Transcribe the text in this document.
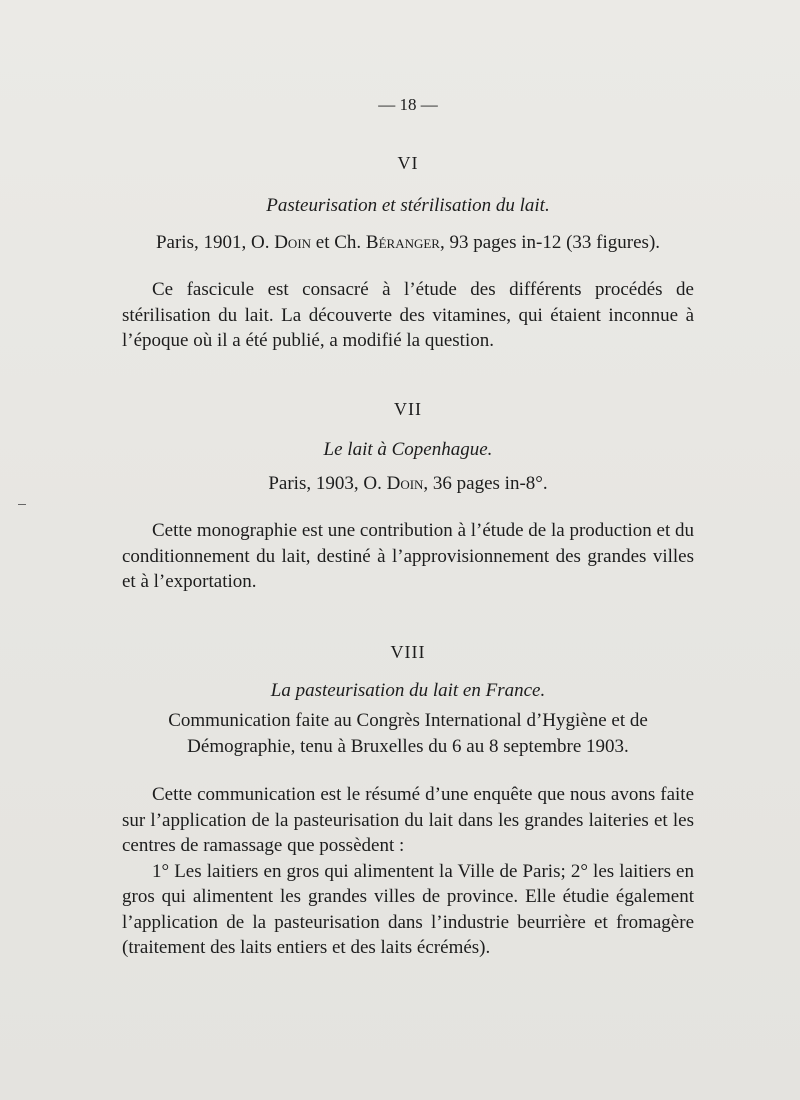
— 18 —
VI
Pasteurisation et stérilisation du lait.
Paris, 1901, O. Doin et Ch. Béranger, 93 pages in-12 (33 figures).

Ce fascicule est consacré à l’étude des différents procédés de stérilisation du lait. La découverte des vitamines, qui étaient inconnue à l’époque où il a été publié, a modifié la question.

VII
Le lait à Copenhague.
Paris, 1903, O. Doin, 36 pages in-8°.

Cette monographie est une contribution à l’étude de la production et du conditionnement du lait, destiné à l’approvisionnement des grandes villes et à l’exportation.

VIII
La pasteurisation du lait en France.
Communication faite au Congrès International d’Hygiène et de
Démographie, tenu à Bruxelles du 6 au 8 septembre 1903.

Cette communication est le résumé d’une enquête que nous avons faite sur l’application de la pasteurisation du lait dans les grandes laiteries et les centres de ramassage que possèdent :

1° Les laitiers en gros qui alimentent la Ville de Paris; 2° les laitiers en gros qui alimentent les grandes villes de province. Elle étudie également l’application de la pasteurisation dans l’industrie beurrière et fromagère (traitement des laits entiers et des laits écrémés).
